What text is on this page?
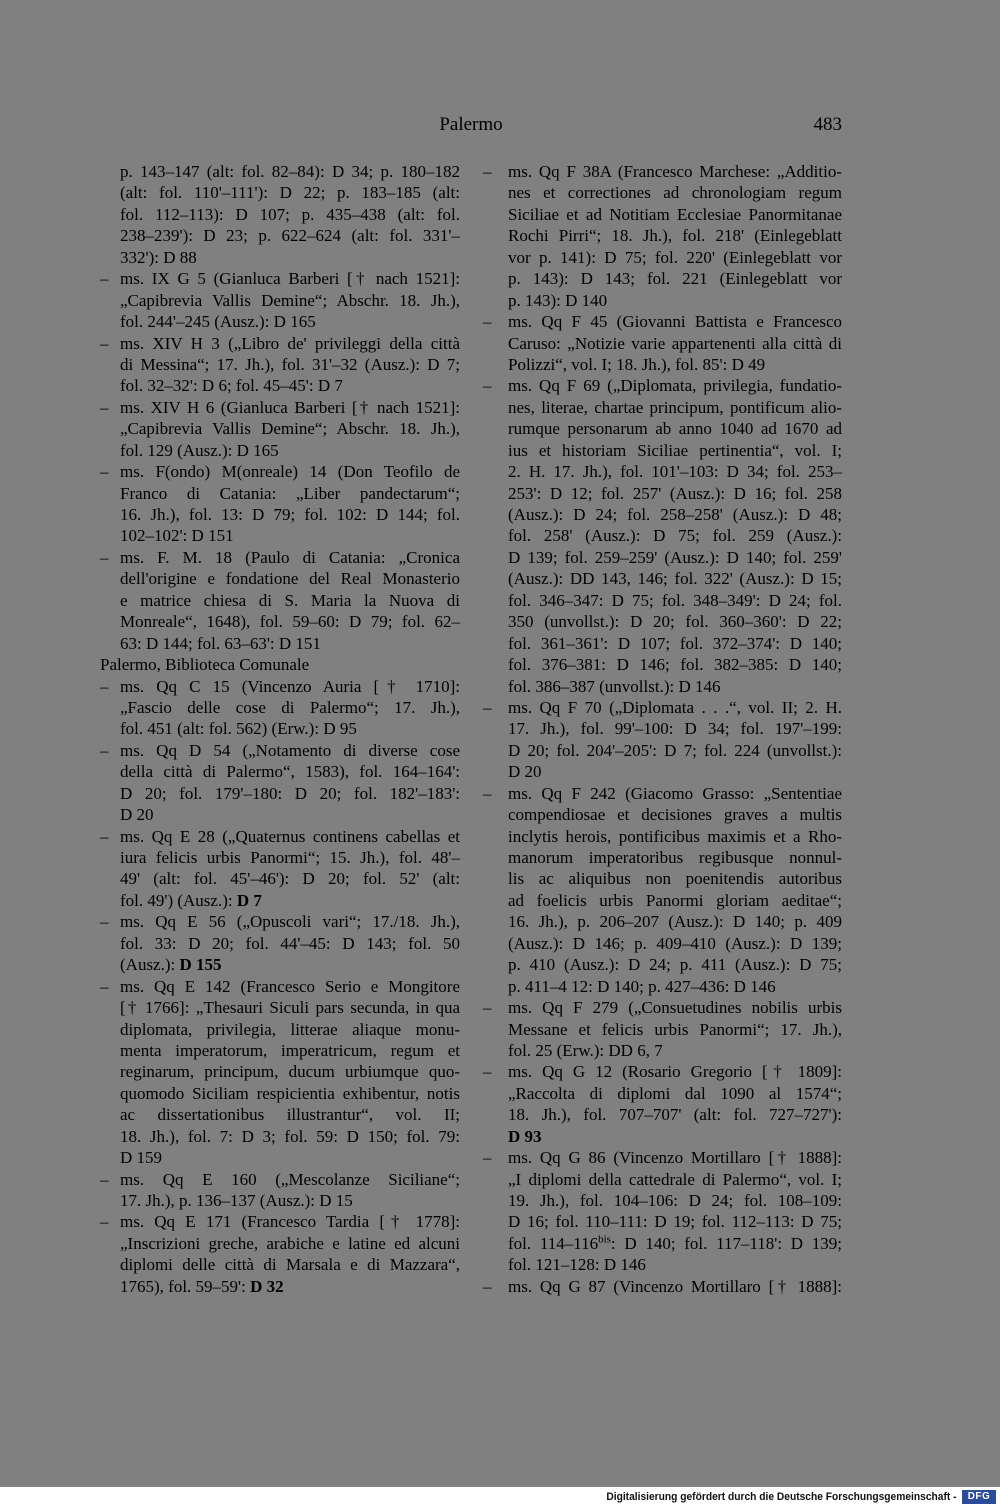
Palermo	483
p. 143–147 (alt: fol. 82–84): D 34; p. 180–182
(alt: fol. 110'–111'): D 22; p. 183–185 (alt:
fol. 112–113): D 107; p. 435–438 (alt: fol.
238–239'): D 23; p. 622–624 (alt: fol. 331'–
332'): D 88
– ms. IX G 5 (Gianluca Barberi [† nach 1521]:
„Capibrevia Vallis Demine“; Abschr. 18. Jh.),
fol. 244'–245 (Ausz.): D 165
– ms. XIV H 3 („Libro de' privileggi della città
di Messina“; 17. Jh.), fol. 31'–32 (Ausz.): D 7;
fol. 32–32': D 6; fol. 45–45': D 7
– ms. XIV H 6 (Gianluca Barberi [† nach 1521]:
„Capibrevia Vallis Demine“; Abschr. 18. Jh.),
fol. 129 (Ausz.): D 165
– ms. F(ondo) M(onreale) 14 (Don Teofilo de
Franco di Catania: „Liber pandectarum“;
16. Jh.), fol. 13: D 79; fol. 102: D 144; fol.
102–102': D 151
– ms. F. M. 18 (Paulo di Catania: „Cronica
dell'origine e fondatione del Real Monasterio
e matrice chiesa di S. Maria la Nuova di
Monreale“, 1648), fol. 59–60: D 79; fol. 62–
63: D 144; fol. 63–63': D 151
Palermo, Biblioteca Comunale
– ms. Qq C 15 (Vincenzo Auria [† 1710]:
„Fascio delle cose di Palermo“; 17. Jh.),
fol. 451 (alt: fol. 562) (Erw.): D 95
– ms. Qq D 54 („Notamento di diverse cose
della città di Palermo“, 1583), fol. 164–164':
D 20; fol. 179'–180: D 20; fol. 182'–183':
D 20
– ms. Qq E 28 („Quaternus continens cabellas et
iura felicis urbis Panormi“; 15. Jh.), fol. 48'–
49' (alt: fol. 45'–46'): D 20; fol. 52' (alt:
fol. 49') (Ausz.): D 7
– ms. Qq E 56 („Opuscoli vari“; 17./18. Jh.),
fol. 33: D 20; fol. 44'–45: D 143; fol. 50
(Ausz.): D 155
– ms. Qq E 142 (Francesco Serio e Mongitore
[† 1766]: „Thesauri Siculi pars secunda, in qua
diplomata, privilegia, litterae aliaque monu-
menta imperatorum, imperatricum, regum et
reginarum, principum, ducum urbiumque quo-
quomodo Siciliam respicientia exhibentur, notis
ac dissertationibus illustrantur“, vol. II;
18. Jh.), fol. 7: D 3; fol. 59: D 150; fol. 79:
D 159
– ms. Qq E 160 („Mescolanze Siciliane“;
17. Jh.), p. 136–137 (Ausz.): D 15
– ms. Qq E 171 (Francesco Tardia [† 1778]:
„Inscrizioni greche, arabiche e latine ed alcuni
diplomi delle città di Marsala e di Mazzara“,
1765), fol. 59–59': D 32
– ms. Qq F 38A (Francesco Marchese: „Additio-
nes et correctiones ad chronologiam regum
Siciliae et ad Notitiam Ecclesiae Panormitanae
Rochi Pirri“; 18. Jh.), fol. 218' (Einlegeblatt
vor p. 141): D 75; fol. 220' (Einlegeblatt vor
p. 143): D 143; fol. 221 (Einlegeblatt vor
p. 143): D 140
– ms. Qq F 45 (Giovanni Battista e Francesco
Caruso: „Notizie varie appartenenti alla città di
Polizzi“, vol. I; 18. Jh.), fol. 85': D 49
– ms. Qq F 69 („Diplomata, privilegia, fundatio-
nes, literae, chartae principum, pontificum alio-
rumque personarum ab anno 1040 ad 1670 ad
ius et historiam Siciliae pertinentia“, vol. I;
2. H. 17. Jh.), fol. 101'–103: D 34; fol. 253–
253': D 12; fol. 257' (Ausz.): D 16; fol. 258
(Ausz.): D 24; fol. 258–258' (Ausz.): D 48;
fol. 258' (Ausz.): D 75; fol. 259 (Ausz.):
D 139; fol. 259–259' (Ausz.): D 140; fol. 259'
(Ausz.): DD 143, 146; fol. 322' (Ausz.): D 15;
fol. 346–347: D 75; fol. 348–349': D 24; fol.
350 (unvollst.): D 20; fol. 360–360': D 22;
fol. 361–361': D 107; fol. 372–374': D 140;
fol. 376–381: D 146; fol. 382–385: D 140;
fol. 386–387 (unvollst.): D 146
– ms. Qq F 70 („Diplomata . . .“, vol. II; 2. H.
17. Jh.), fol. 99'–100: D 34; fol. 197'–199:
D 20; fol. 204'–205': D 7; fol. 224 (unvollst.):
D 20
– ms. Qq F 242 (Giacomo Grasso: „Sententiae
compendiosae et decisiones graves a multis
inclytis herois, pontificibus maximis et a Rho-
manorum imperatoribus regibusque nonnul-
lis ac aliquibus non poenitendis autoribus
ad foelicis urbis Panormi gloriam aeditae“;
16. Jh.), p. 206–207 (Ausz.): D 140; p. 409
(Ausz.): D 146; p. 409–410 (Ausz.): D 139;
p. 410 (Ausz.): D 24; p. 411 (Ausz.): D 75;
p. 411–4 12: D 140; p. 427–436: D 146
– ms. Qq F 279 („Consuetudines nobilis urbis
Messane et felicis urbis Panormi“; 17. Jh.),
fol. 25 (Erw.): DD 6, 7
– ms. Qq G 12 (Rosario Gregorio [† 1809]:
„Raccolta di diplomi dal 1090 al 1574“;
18. Jh.), fol. 707–707' (alt: fol. 727–727'):
D 93
– ms. Qq G 86 (Vincenzo Mortillaro [† 1888]:
„I diplomi della cattedrale di Palermo“, vol. I;
19. Jh.), fol. 104–106: D 24; fol. 108–109:
D 16; fol. 110–111: D 19; fol. 112–113: D 75;
fol. $114-116^{bis}$: D 140; fol. 117–118': D 139;
fol. 121–128: D 146
– ms. Qq G 87 (Vincenzo Mortillaro [† 1888]:
Digitalisierung gefördert durch die Deutsche Forschungsgemeinschaft -	DFG
